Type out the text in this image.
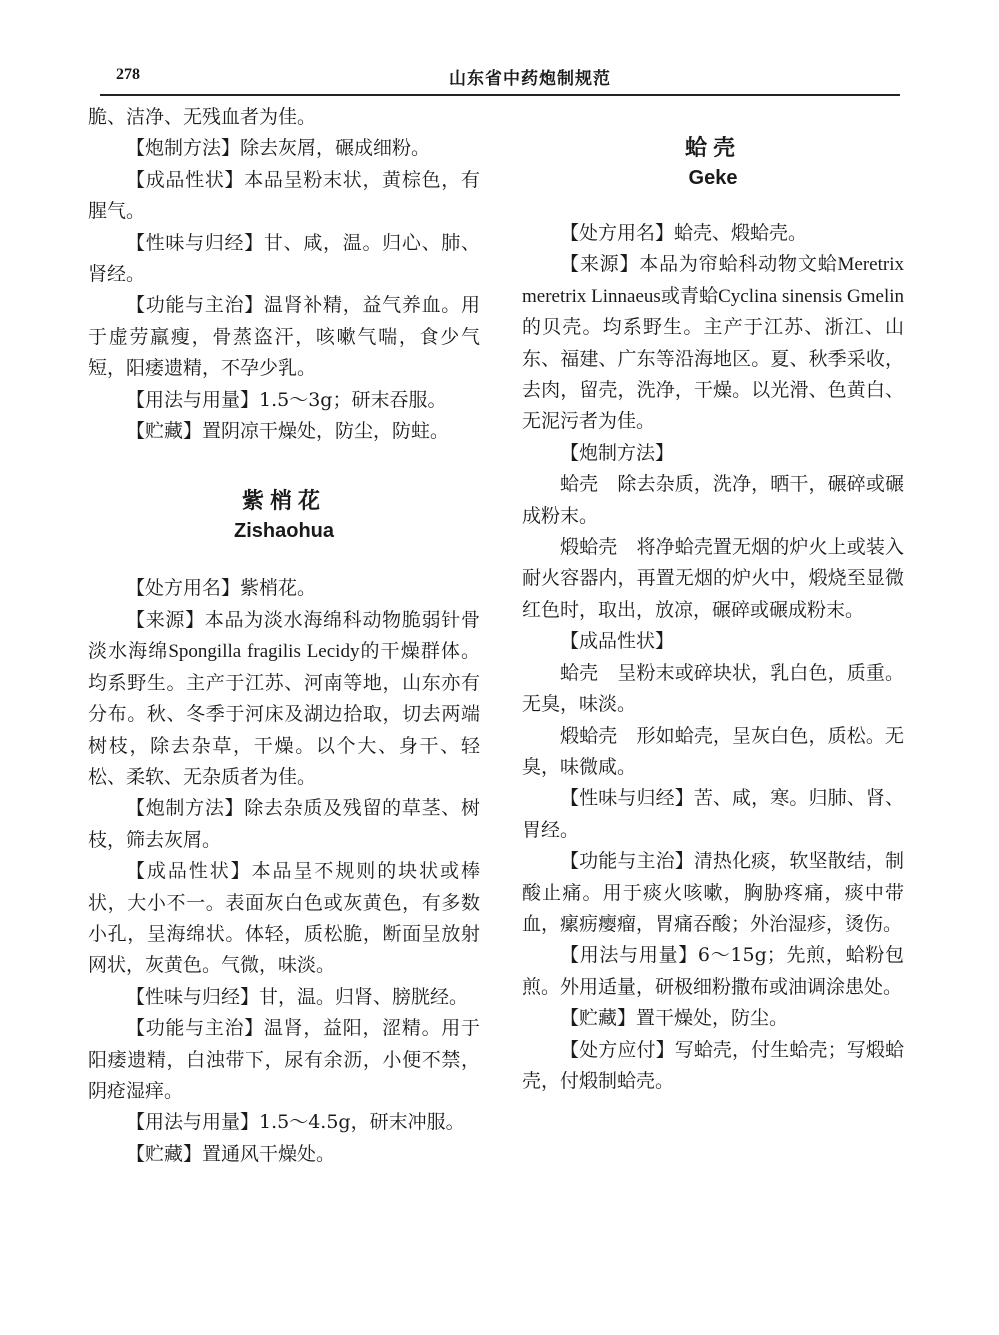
278	山东省中药炮制规范

脆、洁净、无残血者为佳。

【炮制方法】除去灰屑，碾成细粉。

【成品性状】本品呈粉末状，黄棕色，有腥气。

【性味与归经】甘、咸，温。归心、肺、肾经。

【功能与主治】温肾补精，益气养血。用于虚劳羸瘦，骨蒸盗汗，咳嗽气喘，食少气短，阳痿遗精，不孕少乳。

【用法与用量】1.5～3g；研末吞服。

【贮藏】置阴凉干燥处，防尘，防蛀。

紫梢花
Zishaohua

【处方用名】紫梢花。

【来源】本品为淡水海绵科动物脆弱针骨淡水海绵Spongilla fragilis Lecidy的干燥群体。均系野生。主产于江苏、河南等地，山东亦有分布。秋、冬季于河床及湖边拾取，切去两端树枝，除去杂草，干燥。以个大、身干、轻松、柔软、无杂质者为佳。

【炮制方法】除去杂质及残留的草茎、树枝，筛去灰屑。

【成品性状】本品呈不规则的块状或棒状，大小不一。表面灰白色或灰黄色，有多数小孔，呈海绵状。体轻，质松脆，断面呈放射网状，灰黄色。气微，味淡。

【性味与归经】甘，温。归肾、膀胱经。

【功能与主治】温肾，益阳，涩精。用于阳痿遗精，白浊带下，尿有余沥，小便不禁，阴疮湿痒。

【用法与用量】1.5～4.5g，研末冲服。

【贮藏】置通风干燥处。

蛤壳
Geke

【处方用名】蛤壳、煅蛤壳。

【来源】本品为帘蛤科动物文蛤Meretrix meretrix Linnaeus或青蛤Cyclina sinensis Gmelin的贝壳。均系野生。主产于江苏、浙江、山东、福建、广东等沿海地区。夏、秋季采收，去肉，留壳，洗净，干燥。以光滑、色黄白、无泥污者为佳。

【炮制方法】

蛤壳　除去杂质，洗净，晒干，碾碎或碾成粉末。

煅蛤壳　将净蛤壳置无烟的炉火上或装入耐火容器内，再置无烟的炉火中，煅烧至显微红色时，取出，放凉，碾碎或碾成粉末。

【成品性状】

蛤壳　呈粉末或碎块状，乳白色，质重。无臭，味淡。

煅蛤壳　形如蛤壳，呈灰白色，质松。无臭，味微咸。

【性味与归经】苦、咸，寒。归肺、肾、胃经。

【功能与主治】清热化痰，软坚散结，制酸止痛。用于痰火咳嗽，胸胁疼痛，痰中带血，瘰疬瘿瘤，胃痛吞酸；外治湿疹，烫伤。

【用法与用量】6～15g；先煎，蛤粉包煎。外用适量，研极细粉撒布或油调涂患处。

【贮藏】置干燥处，防尘。

【处方应付】写蛤壳，付生蛤壳；写煅蛤壳，付煅制蛤壳。
